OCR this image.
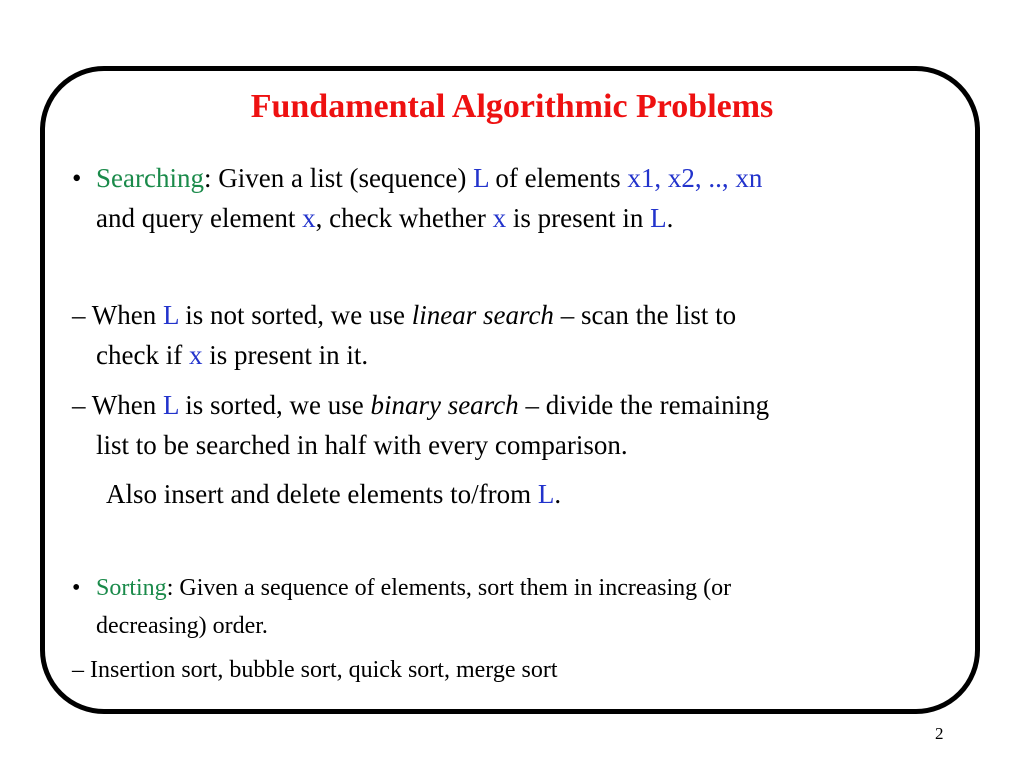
Fundamental Algorithmic Problems

• Searching: Given a list (sequence) L of elements x1, x2, .., xn

and query element x, check whether x is present in L.

– When L is not sorted, we use linear search – scan the list to

check if x is present in it.

– When L is sorted, we use binary search – divide the remaining

list to be searched in half with every comparison.

Also insert and delete elements to/from L.

• Sorting: Given a sequence of elements, sort them in increasing (or

decreasing) order.

– Insertion sort, bubble sort, quick sort, merge sort

2
